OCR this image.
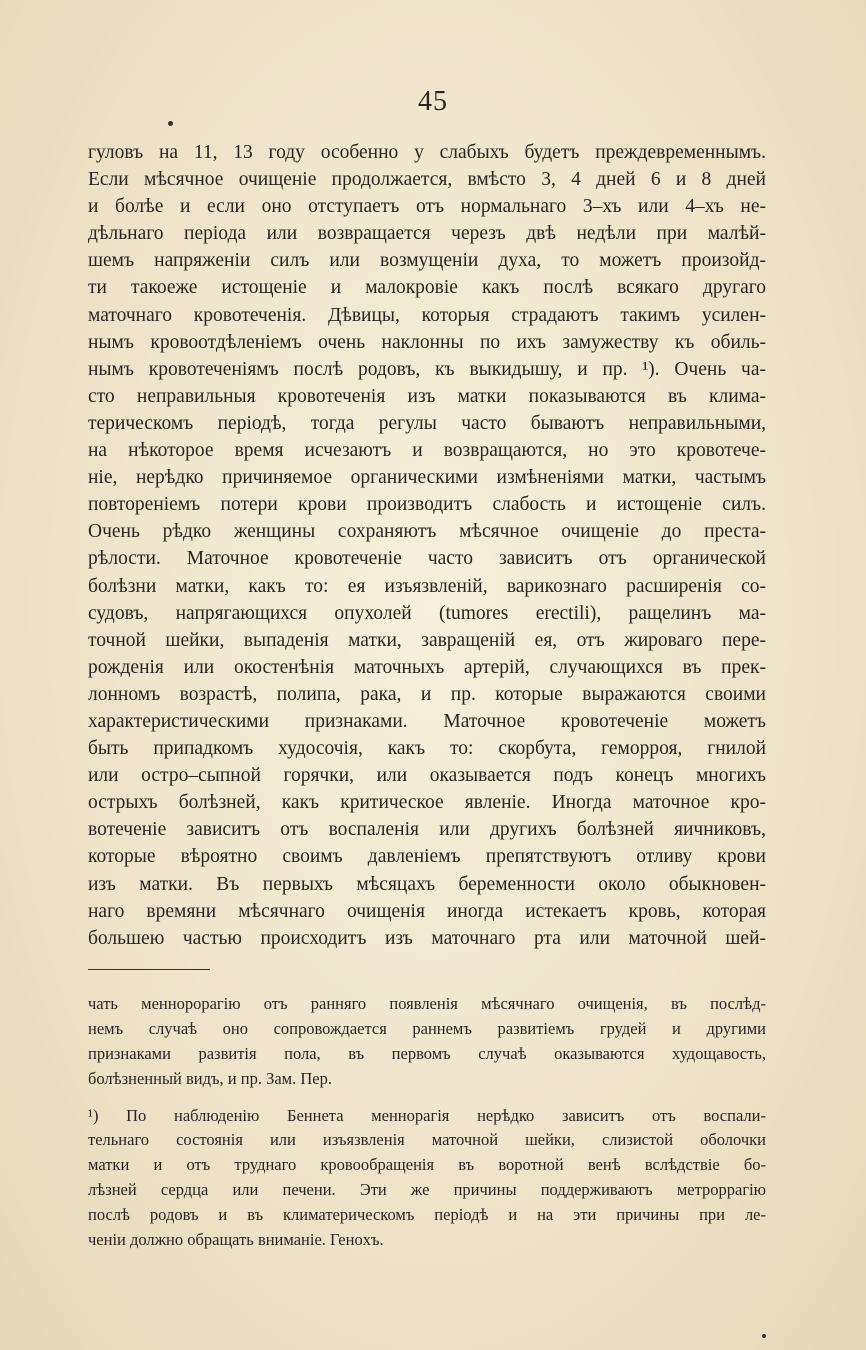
45
гуловъ на 11, 13 году особенно у слабыхъ будетъ преждевременнымъ.
Если мѣсячное очищенiе продолжается, вмѣсто 3, 4 дней 6 и 8 дней
и болѣе и если оно отступаетъ отъ нормальнаго 3–хъ или 4–хъ не-
дѣльнаго перiода или возвращается черезъ двѣ недѣли при малѣй-
шемъ напряженiи силъ или возмущенiи духа, то можетъ произойд-
ти такоеже истощенiе и малокровiе какъ послѣ всякаго другаго
маточнаго кровотеченiя. Дѣвицы, которыя страдаютъ такимъ усилен-
нымъ кровоотдѣленiемъ очень наклонны по ихъ замужеству къ обиль-
нымъ кровотеченiямъ послѣ родовъ, къ выкидышу, и пр. ¹). Очень ча-
сто неправильныя кровотеченiя изъ матки показываются въ клима-
терическомъ перiодѣ, тогда регулы часто бываютъ неправильными,
на нѣкоторое время исчезаютъ и возвращаются, но это кровотече-
нiе, нерѣдко причиняемое органическими измѣненiями матки, частымъ
повторенiемъ потери крови производитъ слабость и истощенiе силъ.
Очень рѣдко женщины сохраняютъ мѣсячное очищенiе до преста-
рѣлости. Маточное кровотеченiе часто зависитъ отъ органической
болѣзни матки, какъ то: ея изъязвленiй, варикознаго расширенiя со-
судовъ, напрягающихся опухолей (tumores erectili), ращелинъ ма-
точной шейки, выпаденiя матки, завращенiй ея, отъ жироваго пере-
рожденiя или окостенѣнiя маточныхъ артерiй, случающихся въ прек-
лонномъ возрастѣ, полипа, рака, и пр. которые выражаются своими
характеристическими признаками. Маточное кровотеченiе можетъ
быть припадкомъ худосочiя, какъ то: скорбута, геморроя, гнилой
или остро–сыпной горячки, или оказывается подъ конецъ многихъ
острыхъ болѣзней, какъ критическое явленiе. Иногда маточное кро-
вотеченiе зависитъ отъ воспаленiя или другихъ болѣзней яичниковъ,
которые вѣроятно своимъ давленiемъ препятствуютъ отливу крови
изъ матки. Въ первыхъ мѣсяцахъ беременности около обыкновен-
наго времяни мѣсячнаго очищенiя иногда истекаетъ кровь, которая
большею частью происходитъ изъ маточнаго рта или маточной шей-
чать меннорорагiю отъ ранняго появленiя мѣсячнаго очищенiя, въ послѣд-
немъ случаѣ оно сопровождается раннемъ развитiемъ грудей и другими
признаками развитiя пола, въ первомъ случаѣ оказываются худощавость,
болѣзненный видъ, и пр. Зам. Пер.
¹) По наблюденiю Беннета меннорагiя нерѣдко зависитъ отъ воспали-
тельнаго состоянiя или изъязвленiя маточной шейки, слизистой оболочки
матки и отъ труднаго кровообращенiя въ воротной венѣ вслѣдствiе бо-
лѣзней сердца или печени. Эти же причины поддерживаютъ метроррагiю
послѣ родовъ и въ климатерическомъ перiодѣ и на эти причины при ле-
ченiи должно обращать вниманiе. Геноxъ.
